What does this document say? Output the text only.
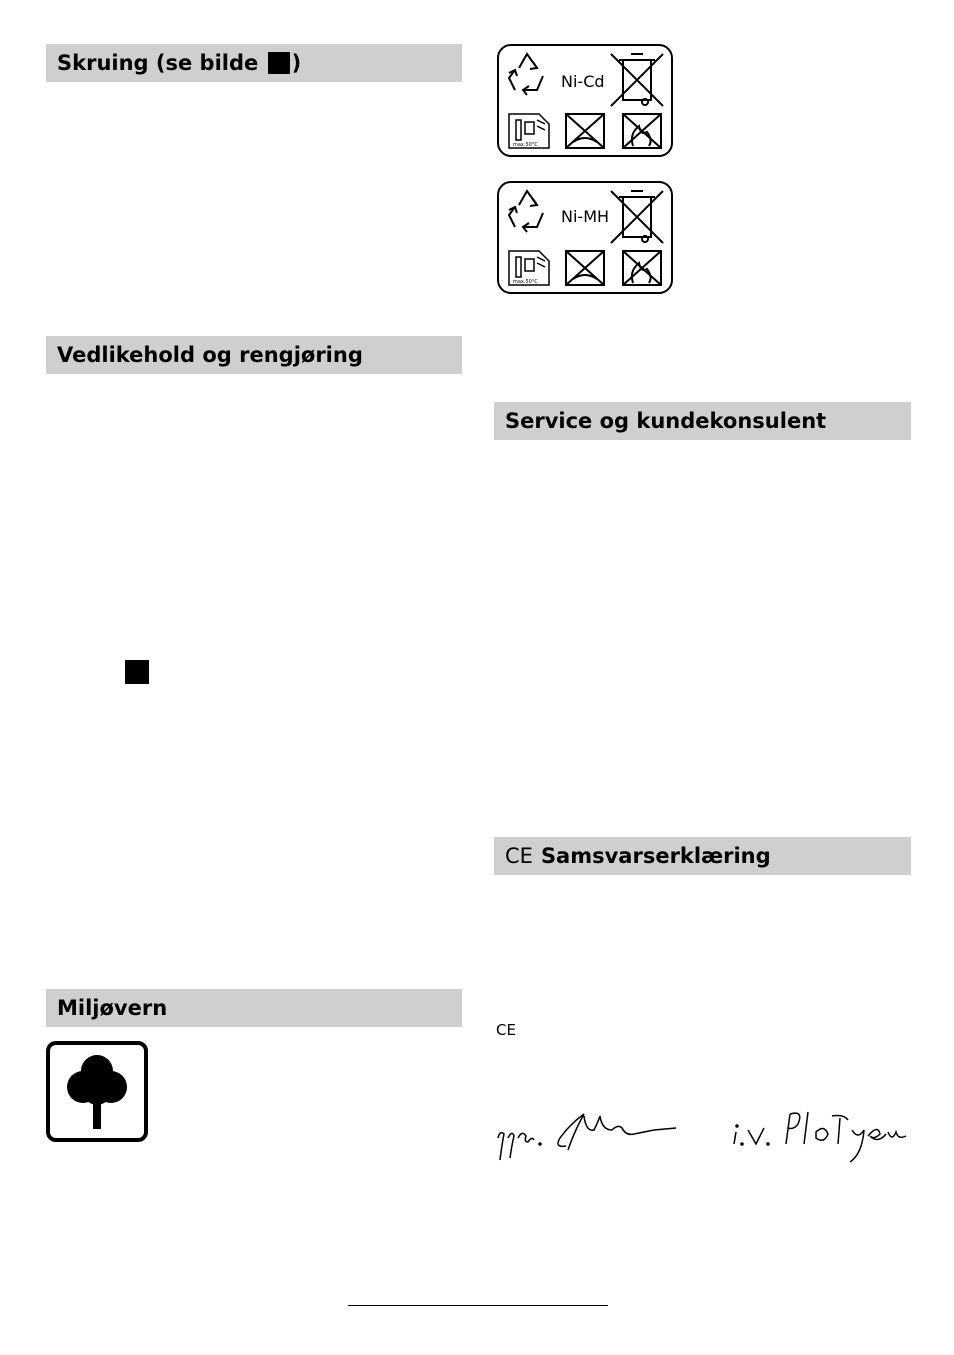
Skruing (se bilde )
Vedlikehold og rengjøring
Miljøvern
max.50°C
Ni-Cd
max.50°C
Ni-MH
Service og kundekonsulent
CE Samsvarserklæring
CE
